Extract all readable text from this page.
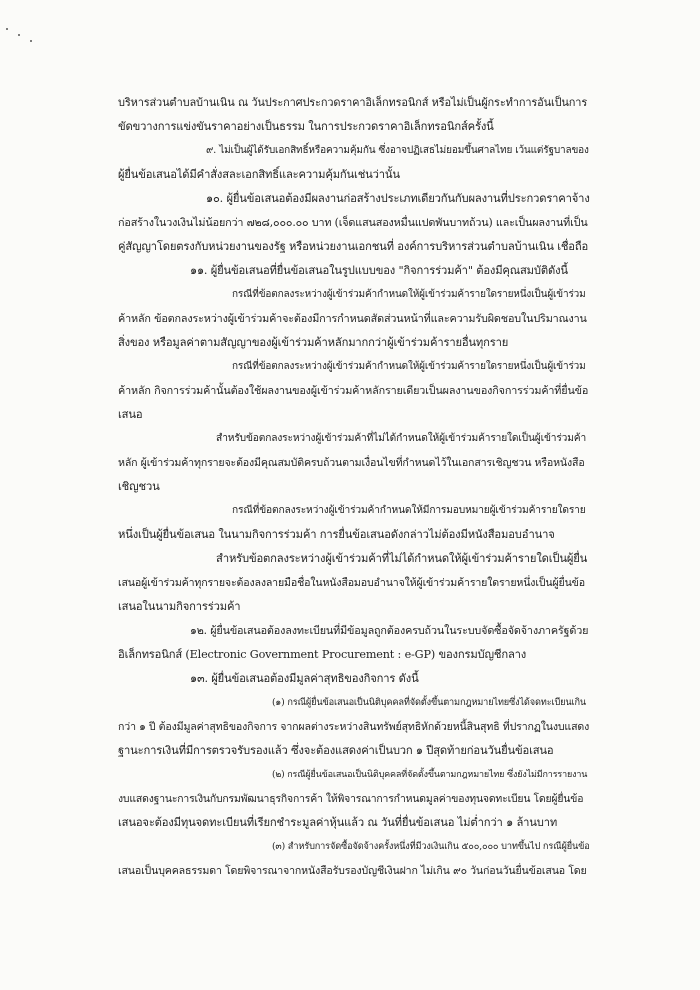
บริหารส่วนตำบลบ้านเนิน ณ วันประกาศประกวดราคาอิเล็กทรอนิกส์ หรือไม่เป็นผู้กระทำการอันเป็นการ
ขัดขวางการแข่งขันราคาอย่างเป็นธรรม ในการประกวดราคาอิเล็กทรอนิกส์ครั้งนี้
๙. ไม่เป็นผู้ได้รับเอกสิทธิ์หรือความคุ้มกัน ซึ่งอาจปฏิเสธไม่ยอมขึ้นศาลไทย เว้นแต่รัฐบาลของ
ผู้ยื่นข้อเสนอได้มีคำสั่งสละเอกสิทธิ์และความคุ้มกันเช่นว่านั้น
๑๐. ผู้ยื่นข้อเสนอต้องมีผลงานก่อสร้างประเภทเดียวกันกับผลงานที่ประกวดราคาจ้าง
ก่อสร้างในวงเงินไม่น้อยกว่า ๗๒๘,๐๐๐.๐๐ บาท (เจ็ดแสนสองหมื่นแปดพันบาทถ้วน) และเป็นผลงานที่เป็น
คู่สัญญาโดยตรงกับหน่วยงานของรัฐ หรือหน่วยงานเอกชนที่ องค์การบริหารส่วนตำบลบ้านเนิน เชื่อถือ
๑๑. ผู้ยื่นข้อเสนอที่ยื่นข้อเสนอในรูปแบบของ "กิจการร่วมค้า" ต้องมีคุณสมบัติดังนี้
กรณีที่ข้อตกลงระหว่างผู้เข้าร่วมค้ากำหนดให้ผู้เข้าร่วมค้ารายใดรายหนึ่งเป็นผู้เข้าร่วม
ค้าหลัก ข้อตกลงระหว่างผู้เข้าร่วมค้าจะต้องมีการกำหนดสัดส่วนหน้าที่และความรับผิดชอบในปริมาณงาน
สิ่งของ หรือมูลค่าตามสัญญาของผู้เข้าร่วมค้าหลักมากกว่าผู้เข้าร่วมค้ารายอื่นทุกราย
กรณีที่ข้อตกลงระหว่างผู้เข้าร่วมค้ากำหนดให้ผู้เข้าร่วมค้ารายใดรายหนึ่งเป็นผู้เข้าร่วม
ค้าหลัก กิจการร่วมค้านั้นต้องใช้ผลงานของผู้เข้าร่วมค้าหลักรายเดียวเป็นผลงานของกิจการร่วมค้าที่ยื่นข้อ
เสนอ
สำหรับข้อตกลงระหว่างผู้เข้าร่วมค้าที่ไม่ได้กำหนดให้ผู้เข้าร่วมค้ารายใดเป็นผู้เข้าร่วมค้า
หลัก ผู้เข้าร่วมค้าทุกรายจะต้องมีคุณสมบัติครบถ้วนตามเงื่อนไขที่กำหนดไว้ในเอกสารเชิญชวน หรือหนังสือ
เชิญชวน
กรณีที่ข้อตกลงระหว่างผู้เข้าร่วมค้ากำหนดให้มีการมอบหมายผู้เข้าร่วมค้ารายใดราย
หนึ่งเป็นผู้ยื่นข้อเสนอ ในนามกิจการร่วมค้า การยื่นข้อเสนอดังกล่าวไม่ต้องมีหนังสือมอบอำนาจ
สำหรับข้อตกลงระหว่างผู้เข้าร่วมค้าที่ไม่ได้กำหนดให้ผู้เข้าร่วมค้ารายใดเป็นผู้ยื่น
เสนอผู้เข้าร่วมค้าทุกรายจะต้องลงลายมือชื่อในหนังสือมอบอำนาจให้ผู้เข้าร่วมค้ารายใดรายหนึ่งเป็นผู้ยื่นข้อ
เสนอในนามกิจการร่วมค้า
๑๒. ผู้ยื่นข้อเสนอต้องลงทะเบียนที่มีข้อมูลถูกต้องครบถ้วนในระบบจัดซื้อจัดจ้างภาครัฐด้วย
อิเล็กทรอนิกส์ (Electronic Government Procurement : e-GP) ของกรมบัญชีกลาง
๑๓. ผู้ยื่นข้อเสนอต้องมีมูลค่าสุทธิของกิจการ ดังนี้
(๑) กรณีผู้ยื่นข้อเสนอเป็นนิติบุคคลที่จัดตั้งขึ้นตามกฎหมายไทยซึ่งได้จดทะเบียนเกิน
กว่า ๑ ปี ต้องมีมูลค่าสุทธิของกิจการ จากผลต่างระหว่างสินทรัพย์สุทธิหักด้วยหนี้สินสุทธิ ที่ปรากฏในงบแสดง
ฐานะการเงินที่มีการตรวจรับรองแล้ว ซึ่งจะต้องแสดงค่าเป็นบวก ๑ ปีสุดท้ายก่อนวันยื่นข้อเสนอ
(๒) กรณีผู้ยื่นข้อเสนอเป็นนิติบุคคลที่จัดตั้งขึ้นตามกฎหมายไทย ซึ่งยังไม่มีการรายงาน
งบแสดงฐานะการเงินกับกรมพัฒนาธุรกิจการค้า ให้พิจารณาการกำหนดมูลค่าของทุนจดทะเบียน โดยผู้ยื่นข้อ
เสนอจะต้องมีทุนจดทะเบียนที่เรียกชำระมูลค่าหุ้นแล้ว ณ วันที่ยื่นข้อเสนอ ไม่ต่ำกว่า ๑ ล้านบาท
(๓) สำหรับการจัดซื้อจัดจ้างครั้งหนึ่งที่มีวงเงินเกิน ๕๐๐,๐๐๐ บาทขึ้นไป กรณีผู้ยื่นข้อ
เสนอเป็นบุคคลธรรมดา โดยพิจารณาจากหนังสือรับรองบัญชีเงินฝาก ไม่เกิน ๙๐ วันก่อนวันยื่นข้อเสนอ โดย
